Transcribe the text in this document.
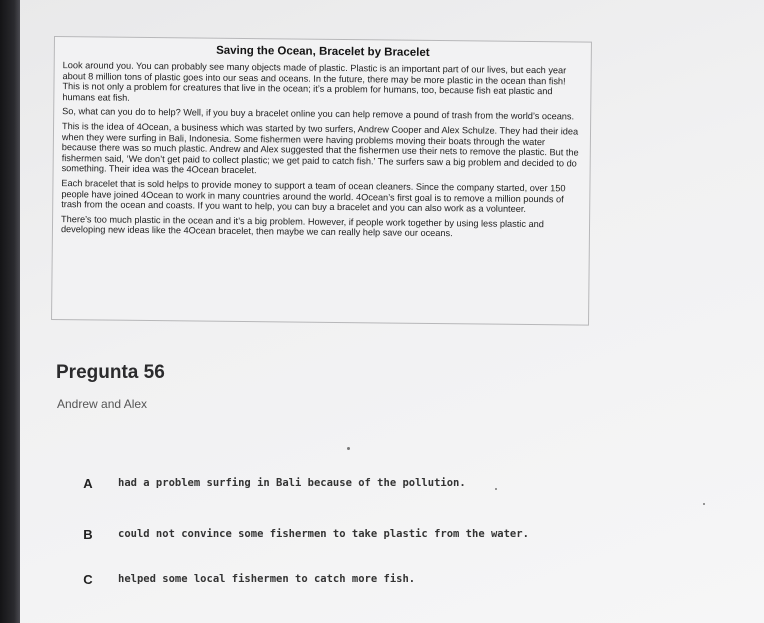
Saving the Ocean, Bracelet by Bracelet

Look around you. You can probably see many objects made of plastic. Plastic is an important part of our lives, but each year about 8 million tons of plastic goes into our seas and oceans. In the future, there may be more plastic in the ocean than fish! This is not only a problem for creatures that live in the ocean; it’s a problem for humans, too, because fish eat plastic and humans eat fish.

So, what can you do to help? Well, if you buy a bracelet online you can help remove a pound of trash from the world’s oceans.

This is the idea of 4Ocean, a business which was started by two surfers, Andrew Cooper and Alex Schulze. They had their idea when they were surfing in Bali, Indonesia. Some fishermen were having problems moving their boats through the water because there was so much plastic. Andrew and Alex suggested that the fishermen use their nets to remove the plastic. But the fishermen said, ‘We don’t get paid to collect plastic; we get paid to catch fish.’ The surfers saw a big problem and decided to do something. Their idea was the 4Ocean bracelet.

Each bracelet that is sold helps to provide money to support a team of ocean cleaners. Since the company started, over 150 people have joined 4Ocean to work in many countries around the world. 4Ocean’s first goal is to remove a million pounds of trash from the ocean and coasts. If you want to help, you can buy a bracelet and you can also work as a volunteer.

There’s too much plastic in the ocean and it’s a big problem. However, if people work together by using less plastic and developing new ideas like the 4Ocean bracelet, then maybe we can really help save our oceans.

Pregunta 56
Andrew and Alex
A	had a problem surfing in Bali because of the pollution.
B	could not convince some fishermen to take plastic from the water.
C	helped some local fishermen to catch more fish.
